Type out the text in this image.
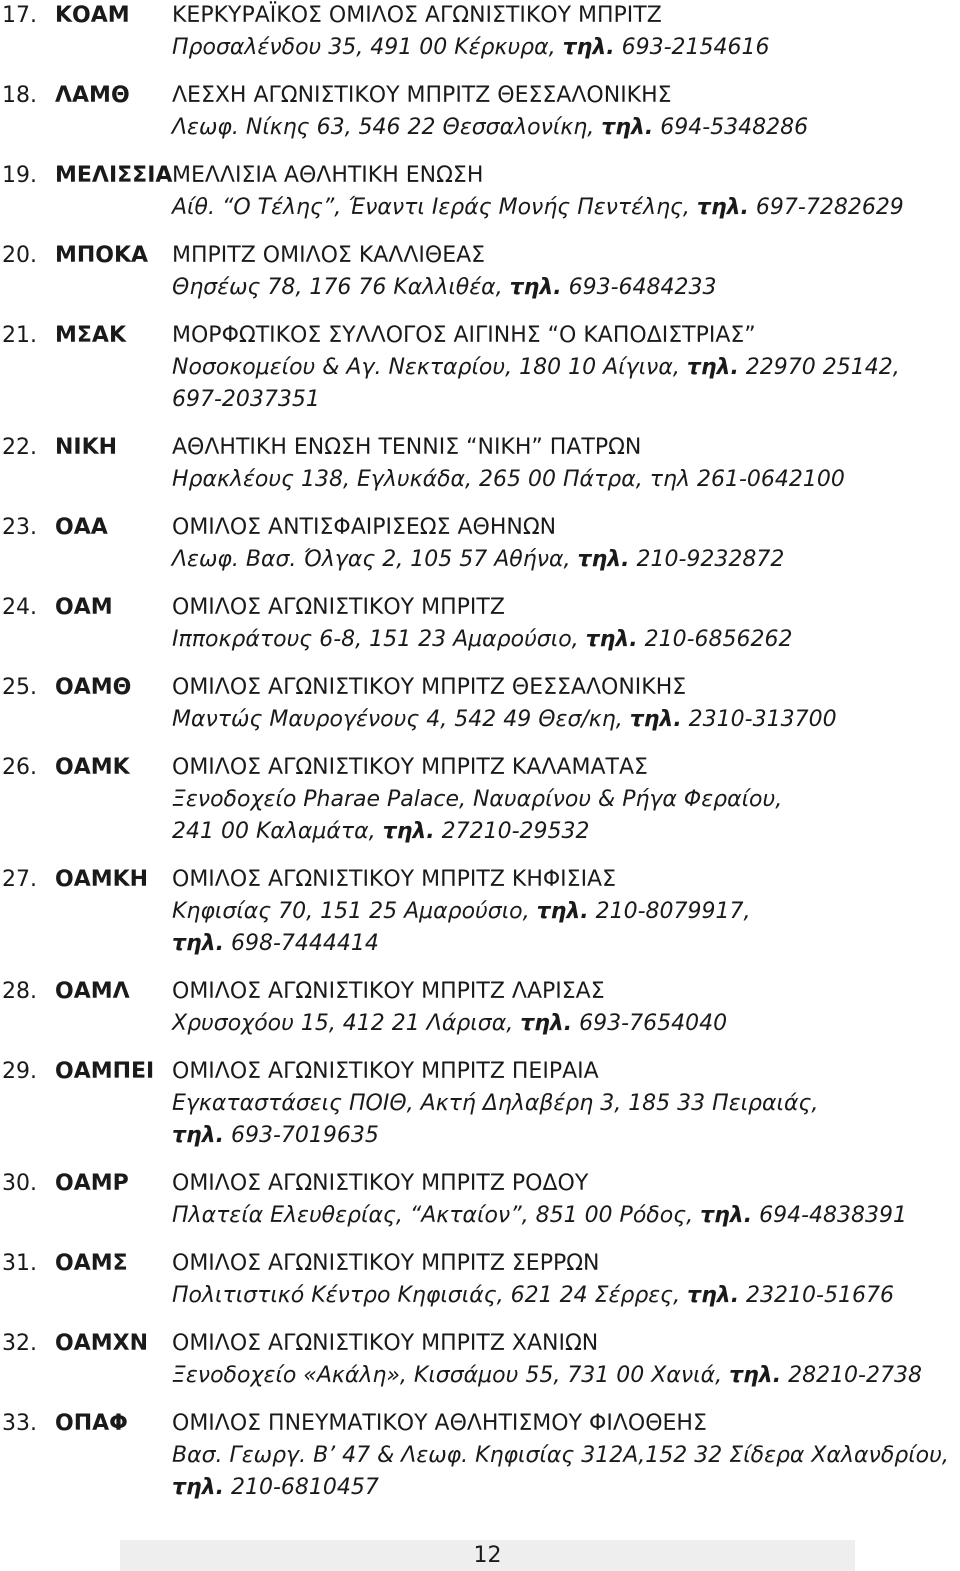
17. ΚΟΑΜ ΚΕΡΚΥΡΑΪΚΟΣ ΟΜΙΛΟΣ ΑΓΩΝΙΣΤΙΚΟΥ ΜΠΡΙΤΖ
Προσαλένδου 35, 491 00 Κέρκυρα, τηλ. 693-2154616
18. ΛΑΜΘ ΛΕΣΧΗ ΑΓΩΝΙΣΤΙΚΟΥ ΜΠΡΙΤΖ ΘΕΣΣΑΛΟΝΙΚΗΣ
Λεωφ. Νίκης 63, 546 22 Θεσσαλονίκη, τηλ. 694-5348286
19. ΜΕΛΙΣΣΙΑ ΜΕΛΛΙΣΙΑ ΑΘΛΗΤΙΚΗ ΕΝΩΣΗ
Αίθ. “Ο Τέλης”, Έναντι Ιεράς Μονής Πεντέλης, τηλ. 697-7282629
20. ΜΠΟΚΑ ΜΠΡΙΤΖ ΟΜΙΛΟΣ ΚΑΛΛΙΘΕΑΣ
Θησέως 78, 176 76 Καλλιθέα, τηλ. 693-6484233
21. ΜΣΑΚ ΜΟΡΦΩΤΙΚΟΣ ΣΥΛΛΟΓΟΣ ΑΙΓΙΝΗΣ “Ο ΚΑΠΟΔΙΣΤΡΙΑΣ”
Νοσοκομείου & Αγ. Νεκταρίου, 180 10 Αίγινα, τηλ. 22970 25142,
697-2037351
22. ΝΙΚΗ ΑΘΛΗΤΙΚΗ ΕΝΩΣΗ ΤΕΝΝΙΣ “ΝΙΚΗ” ΠΑΤΡΩΝ
Ηρακλέους 138, Εγλυκάδα, 265 00 Πάτρα, τηλ 261-0642100
23. ΟΑΑ	ΟΜΙΛΟΣ ΑΝΤΙΣΦΑΙΡΙΣΕΩΣ ΑΘΗΝΩΝ
Λεωφ. Βασ. Όλγας 2, 105 57 Αθήνα, τηλ. 210-9232872
24. ΟΑΜ	ΟΜΙΛΟΣ ΑΓΩΝΙΣΤΙΚΟΥ ΜΠΡΙΤΖ
Ιπποκράτους 6-8, 151 23 Αμαρούσιο, τηλ. 210-6856262
25. ΟΑΜΘ ΟΜΙΛΟΣ ΑΓΩΝΙΣΤΙΚΟΥ ΜΠΡΙΤΖ ΘΕΣΣΑΛΟΝΙΚΗΣ
Μαντώς Μαυρογένους 4, 542 49 Θεσ/κη, τηλ. 2310-313700
26. ΟΑΜΚ ΟΜΙΛΟΣ ΑΓΩΝΙΣΤΙΚΟΥ ΜΠΡΙΤΖ ΚΑΛΑΜΑΤΑΣ
Ξενοδοχείο Pharae Palace, Ναυαρίνου & Ρήγα Φεραίου,
241 00 Καλαμάτα, τηλ. 27210-29532
27. ΟΑΜΚΗ ΟΜΙΛΟΣ ΑΓΩΝΙΣΤΙΚΟΥ ΜΠΡΙΤΖ ΚΗΦΙΣΙΑΣ
Κηφισίας 70, 151 25 Αμαρούσιο, τηλ. 210-8079917,
τηλ. 698-7444414
28. ΟΑΜΛ ΟΜΙΛΟΣ ΑΓΩΝΙΣΤΙΚΟΥ ΜΠΡΙΤΖ ΛΑΡΙΣΑΣ
Χρυσοχόου 15, 412 21 Λάρισα, τηλ. 693-7654040
29. ΟΑΜΠΕΙ ΟΜΙΛΟΣ ΑΓΩΝΙΣΤΙΚΟΥ ΜΠΡΙΤΖ ΠΕΙΡΑΙΑ
Εγκαταστάσεις ΠΟΙΘ, Ακτή Δηλαβέρη 3, 185 33 Πειραιάς,
τηλ. 693-7019635
30. ΟΑΜΡ ΟΜΙΛΟΣ ΑΓΩΝΙΣΤΙΚΟΥ ΜΠΡΙΤΖ ΡΟΔΟΥ
Πλατεία Ελευθερίας, “Ακταίον”, 851 00 Ρόδος, τηλ. 694-4838391
31. ΟΑΜΣ ΟΜΙΛΟΣ ΑΓΩΝΙΣΤΙΚΟΥ ΜΠΡΙΤΖ ΣΕΡΡΩΝ
Πολιτιστικό Κέντρο Κηφισιάς, 621 24 Σέρρες, τηλ. 23210-51676
32. ΟΑΜΧΝ ΟΜΙΛΟΣ ΑΓΩΝΙΣΤΙΚΟΥ ΜΠΡΙΤΖ ΧΑΝΙΩΝ
Ξενοδοχείο «Ακάλη», Κισσάμου 55, 731 00 Χανιά, τηλ. 28210-2738
33. ΟΠΑΦ ΟΜΙΛΟΣ ΠΝΕΥΜΑΤΙΚΟΥ ΑΘΛΗΤΙΣΜΟΥ ΦΙΛΟΘΕΗΣ
Βασ. Γεωργ. Β’ 47 & Λεωφ. Κηφισίας 312Α,152 32 Σίδερα Χαλανδρίου,
τηλ. 210-6810457
12
